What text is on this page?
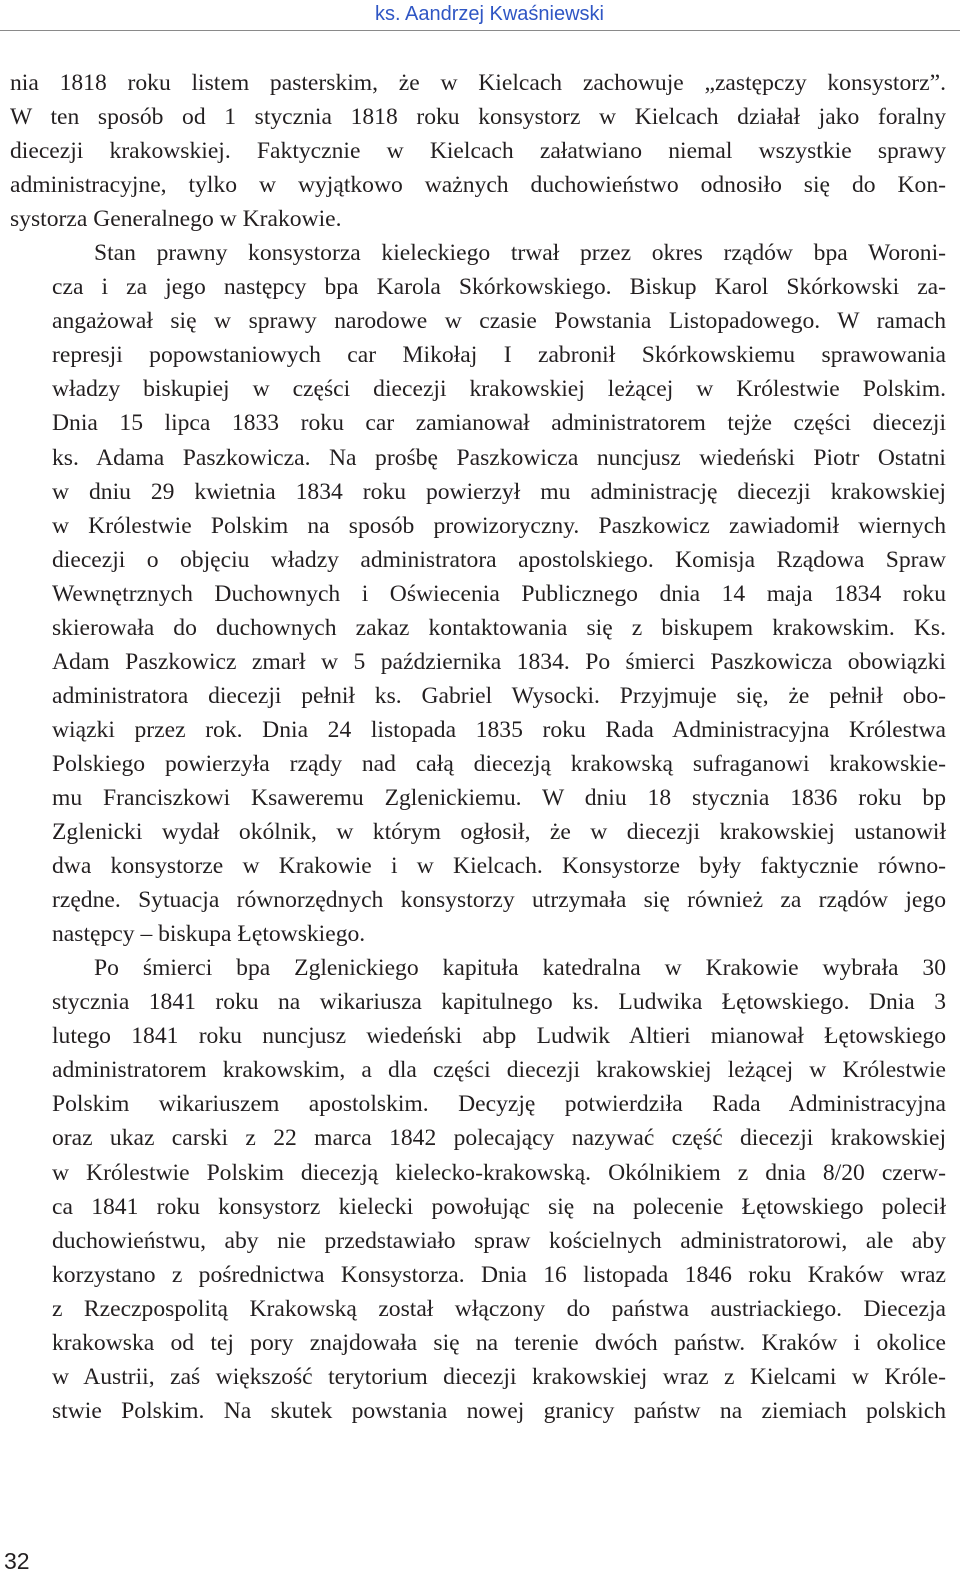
ks. Aandrzej Kwaśniewski
nia 1818 roku listem pasterskim, że w Kielcach zachowuje „zastępczy konsystorz”.
W ten sposób od 1 stycznia 1818 roku konsystorz w Kielcach działał jako foralny
diecezji krakowskiej. Faktycznie w Kielcach załatwiano niemal wszystkie sprawy
administracyjne, tylko w wyjątkowo ważnych duchowieństwo odnosiło się do Kon-
systorza Generalnego w Krakowie.
Stan prawny konsystorza kieleckiego trwał przez okres rządów bpa Woroni-
cza i za jego następcy bpa Karola Skórkowskiego. Biskup Karol Skórkowski za-
angażował się w sprawy narodowe w czasie Powstania Listopadowego. W ramach
represji popowstaniowych car Mikołaj I zabronił Skórkowskiemu sprawowania
władzy biskupiej w części diecezji krakowskiej leżącej w Królestwie Polskim.
Dnia 15 lipca 1833 roku car zamianował administratorem tejże części diecezji
ks. Adama Paszkowicza. Na prośbę Paszkowicza nuncjusz wiedeński Piotr Ostatni
w dniu 29 kwietnia 1834 roku powierzył mu administrację diecezji krakowskiej
w Królestwie Polskim na sposób prowizoryczny. Paszkowicz zawiadomił wiernych
diecezji o objęciu władzy administratora apostolskiego. Komisja Rządowa Spraw
Wewnętrznych Duchownych i Oświecenia Publicznego dnia 14 maja 1834 roku
skierowała do duchownych zakaz kontaktowania się z biskupem krakowskim. Ks.
Adam Paszkowicz zmarł w 5 października 1834. Po śmierci Paszkowicza obowiązki
administratora diecezji pełnił ks. Gabriel Wysocki. Przyjmuje się, że pełnił obo-
wiązki przez rok. Dnia 24 listopada 1835 roku Rada Administracyjna Królestwa
Polskiego powierzyła rządy nad całą diecezją krakowską sufraganowi krakowskie-
mu Franciszkowi Ksaweremu Zglenickiemu. W dniu 18 stycznia 1836 roku bp
Zglenicki wydał okólnik, w którym ogłosił, że w diecezji krakowskiej ustanowił
dwa konsystorze w Krakowie i w Kielcach. Konsystorze były faktycznie równo-
rzędne. Sytuacja równorzędnych konsystorzy utrzymała się również za rządów jego
następcy – biskupa Łętowskiego.
Po śmierci bpa Zglenickiego kapituła katedralna w Krakowie wybrała 30
stycznia 1841 roku na wikariusza kapitulnego ks. Ludwika Łętowskiego. Dnia 3
lutego 1841 roku nuncjusz wiedeński abp Ludwik Altieri mianował Łętowskiego
administratorem krakowskim, a dla części diecezji krakowskiej leżącej w Królestwie
Polskim wikariuszem apostolskim. Decyzję potwierdziła Rada Administracyjna
oraz ukaz carski z 22 marca 1842 polecający nazywać część diecezji krakowskiej
w Królestwie Polskim diecezją kielecko-krakowską. Okólnikiem z dnia 8/20 czerw-
ca 1841 roku konsystorz kielecki powołując się na polecenie Łętowskiego polecił
duchowieństwu, aby nie przedstawiało spraw kościelnych administratorowi, ale aby
korzystano z pośrednictwa Konsystorza. Dnia 16 listopada 1846 roku Kraków wraz
z Rzeczpospolitą Krakowską został włączony do państwa austriackiego. Diecezja
krakowska od tej pory znajdowała się na terenie dwóch państw. Kraków i okolice
w Austrii, zaś większość terytorium diecezji krakowskiej wraz z Kielcami w Króle-
stwie Polskim. Na skutek powstania nowej granicy państw na ziemiach polskich
32
